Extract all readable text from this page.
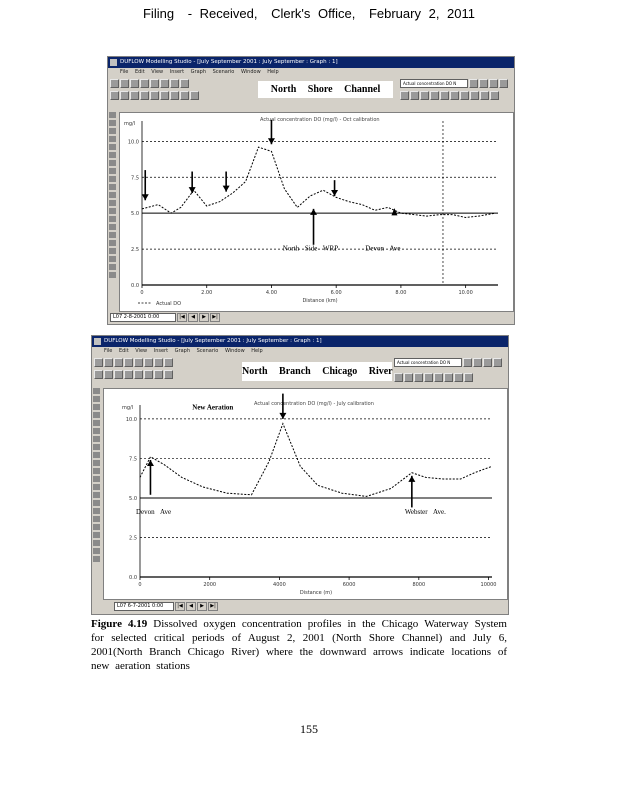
Filing - Received, Clerk's Office, February 2, 2011
DUFLOW Modelling Studio - [July September 2001 : July September : Graph : 1]
File Edit View Insert Graph Scenario Window Help
Actual concentration DO N
10.0
7.5
5.0
2.5
0.0
mg/l
0	2.00	4.00	6.00	8.00	10.00
Distance (km)
Actual concentration DO (mg/l) - Oct calibration
North Side WRP	Devon Ave
Actual DO
North Shore Channel
L07 2-8-2001 0:00	|◀	◀	▶	▶|
DUFLOW Modelling Studio - [July September 2001 : July September : Graph : 1]
File Edit View Insert Graph Scenario Window Help
Actual concentration DO N
10.0
7.5
5.0
2.5
0.0
mg/l
0	2000	4000	6000	8000	10000
Distance (m)
Actual concentration DO (mg/l) - July calibration
New Aeration
Devon Ave	Webster Ave.
North Branch Chicago River
L07 6-7-2001 0:00	|◀	◀	▶	▶|
Figure 4.19 Dissolved oxygen concentration profiles in the Chicago Waterway System for selected critical periods of August 2, 2001 (North Shore Channel) and July 6, 2001(North Branch Chicago River) where the downward arrows indicate locations of new aeration stations
155
